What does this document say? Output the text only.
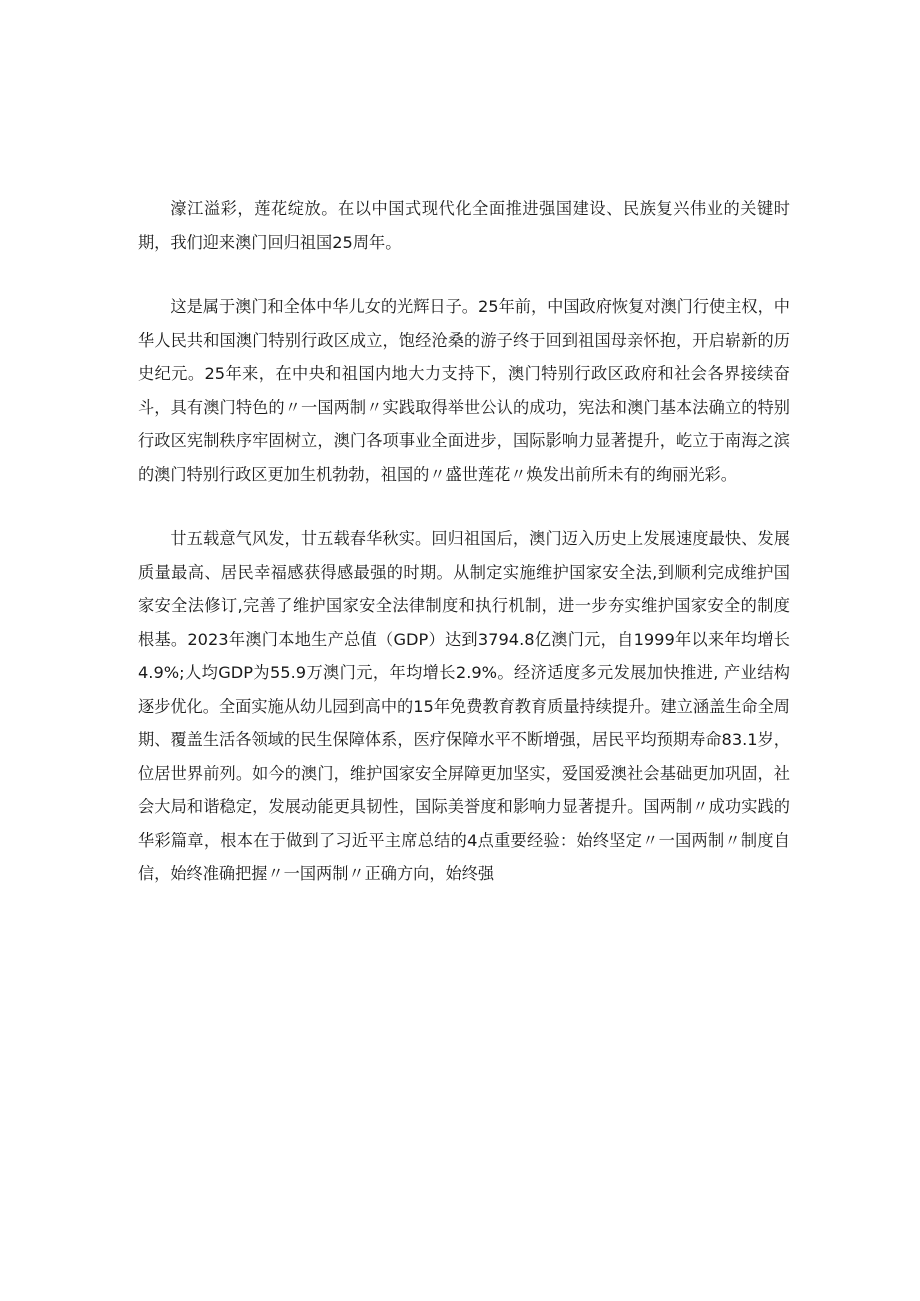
濠江溢彩，莲花绽放。在以中国式现代化全面推进强国建设、民族复兴伟业的关键时期，我们迎来澳门回归祖国25周年。

这是属于澳门和全体中华儿女的光辉日子。25年前，中国政府恢复对澳门行使主权，中华人民共和国澳门特别行政区成立，饱经沧桑的游子终于回到祖国母亲怀抱，开启崭新的历史纪元。25年来，在中央和祖国内地大力支持下，澳门特别行政区政府和社会各界接续奋斗，具有澳门特色的〃一国两制〃实践取得举世公认的成功，宪法和澳门基本法确立的特别行政区宪制秩序牢固树立，澳门各项事业全面进步，国际影响力显著提升，屹立于南海之滨的澳门特别行政区更加生机勃勃，祖国的〃盛世莲花〃焕发出前所未有的绚丽光彩。

廿五载意气风发，廿五载春华秋实。回归祖国后，澳门迈入历史上发展速度最快、发展质量最高、居民幸福感获得感最强的时期。从制定实施维护国家安全法,到顺利完成维护国家安全法修订,完善了维护国家安全法律制度和执行机制，进一步夯实维护国家安全的制度根基。2023年澳门本地生产总值（GDP）达到3794.8亿澳门元，自1999年以来年均增长4.9%;人均GDP为55.9万澳门元，年均增长2.9%。经济适度多元发展加快推进, 产业结构逐步优化。全面实施从幼儿园到高中的15年免费教育教育质量持续提升。建立涵盖生命全周期、覆盖生活各领域的民生保障体系，医疗保障水平不断增强，居民平均预期寿命83.1岁，位居世界前列。如今的澳门，维护国家安全屏障更加坚实，爱国爱澳社会基础更加巩固，社会大局和谐稳定，发展动能更具韧性，国际美誉度和影响力显著提升。国两制〃成功实践的华彩篇章，根本在于做到了习近平主席总结的4点重要经验：始终坚定〃一国两制〃制度自信，始终准确把握〃一国两制〃正确方向，始终强
